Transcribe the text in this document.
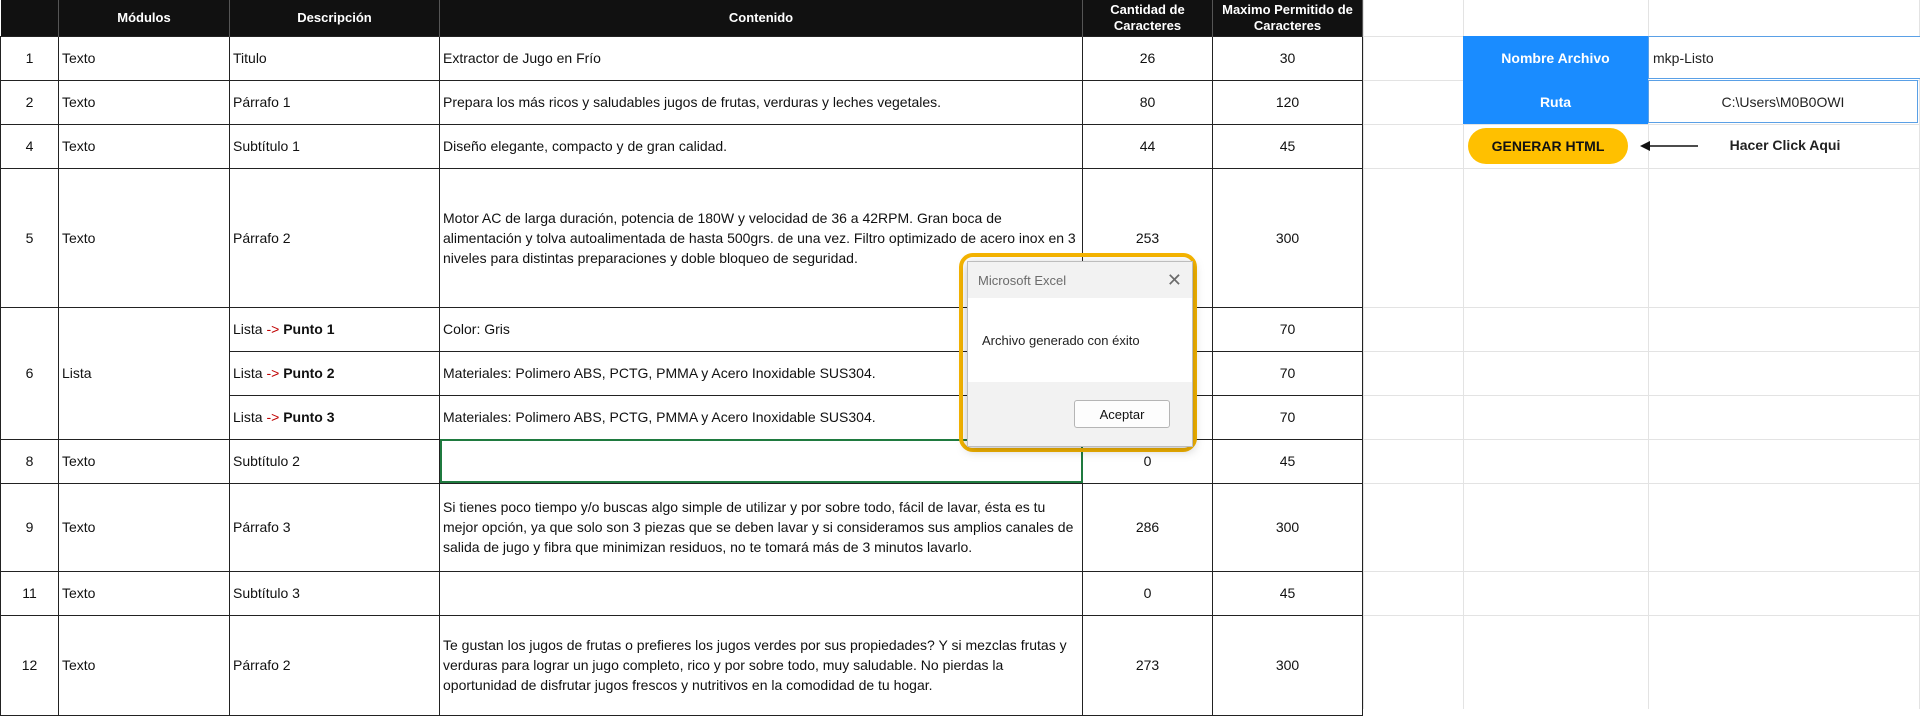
	Módulos	Descripción	Contenido	Cantidad de Caracteres	Maximo Permitido de Caracteres
1	Texto	Titulo	Extractor de Jugo en Frío	26	30
2	Texto	Párrafo 1	Prepara los más ricos y saludables jugos de frutas, verduras y leches vegetales.	80	120
4	Texto	Subtítulo 1	Diseño elegante, compacto y de gran calidad.	44	45
5	Texto	Párrafo 2	Motor AC de larga duración, potencia de 180W y velocidad de 36 a 42RPM. Gran boca de alimentación y tolva autoalimentada de hasta 500grs. de una vez. Filtro optimizado de acero inox en 3 niveles para distintas preparaciones y doble bloqueo de seguridad.	253	300
6	Lista	Lista -> Punto 1	Color: Gris		70
		Lista -> Punto 2	Materiales: Polimero ABS, PCTG, PMMA y Acero Inoxidable SUS304.		70
		Lista -> Punto 3	Materiales: Polimero ABS, PCTG, PMMA y Acero Inoxidable SUS304.		70
8	Texto	Subtítulo 2		0	45
9	Texto	Párrafo 3	Si tienes poco tiempo y/o buscas algo simple de utilizar y por sobre todo, fácil de lavar, ésta es tu mejor opción, ya que solo son 3 piezas que se deben lavar y si consideramos sus amplios canales de salida de jugo y fibra que minimizan residuos, no te tomará más de 3 minutos lavarlo.	286	300
11	Texto	Subtítulo 3		0	45
12	Texto	Párrafo 2	Te gustan los jugos de frutas o prefieres los jugos verdes por sus propiedades? Y si mezclas frutas y verduras para lograr un jugo completo, rico y por sobre todo, muy saludable. No pierdas la oportunidad de disfrutar jugos frescos y nutritivos en la comodidad de tu hogar.	273	300
Nombre Archivo	mkp-Listo
Ruta	C:\Users\M0B0OWI
GENERAR HTML	Hacer Click Aqui
Microsoft Excel	✕
Archivo generado con éxito
Aceptar
